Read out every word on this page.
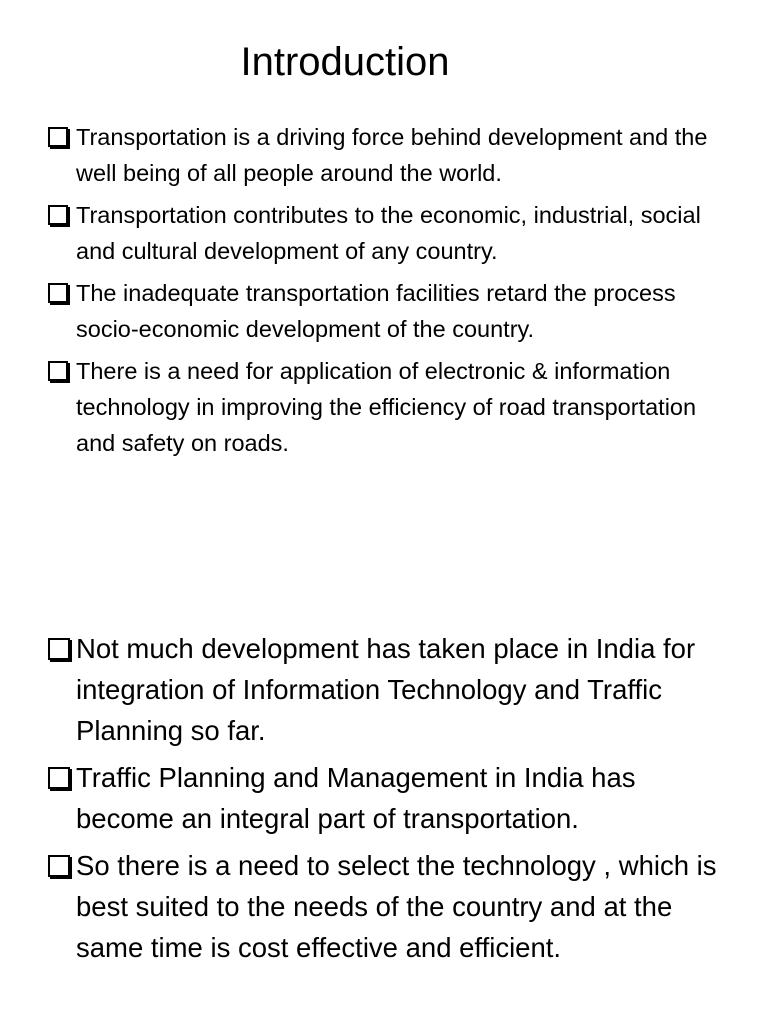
Introduction
Transportation is a driving force behind development and the well being of all people around the world.
Transportation contributes to the economic, industrial, social and cultural development of any country.
The inadequate transportation facilities retard the process socio-economic development of the country.
There is a need for application of electronic & information technology in improving the efficiency of road transportation and safety on roads.
Not much development has taken place in India for integration of Information Technology and Traffic Planning so far.
Traffic Planning and Management in India has become an integral part of transportation.
So there is a need to select the technology , which is best suited to the needs of the country and at the same time is cost effective and efficient.
